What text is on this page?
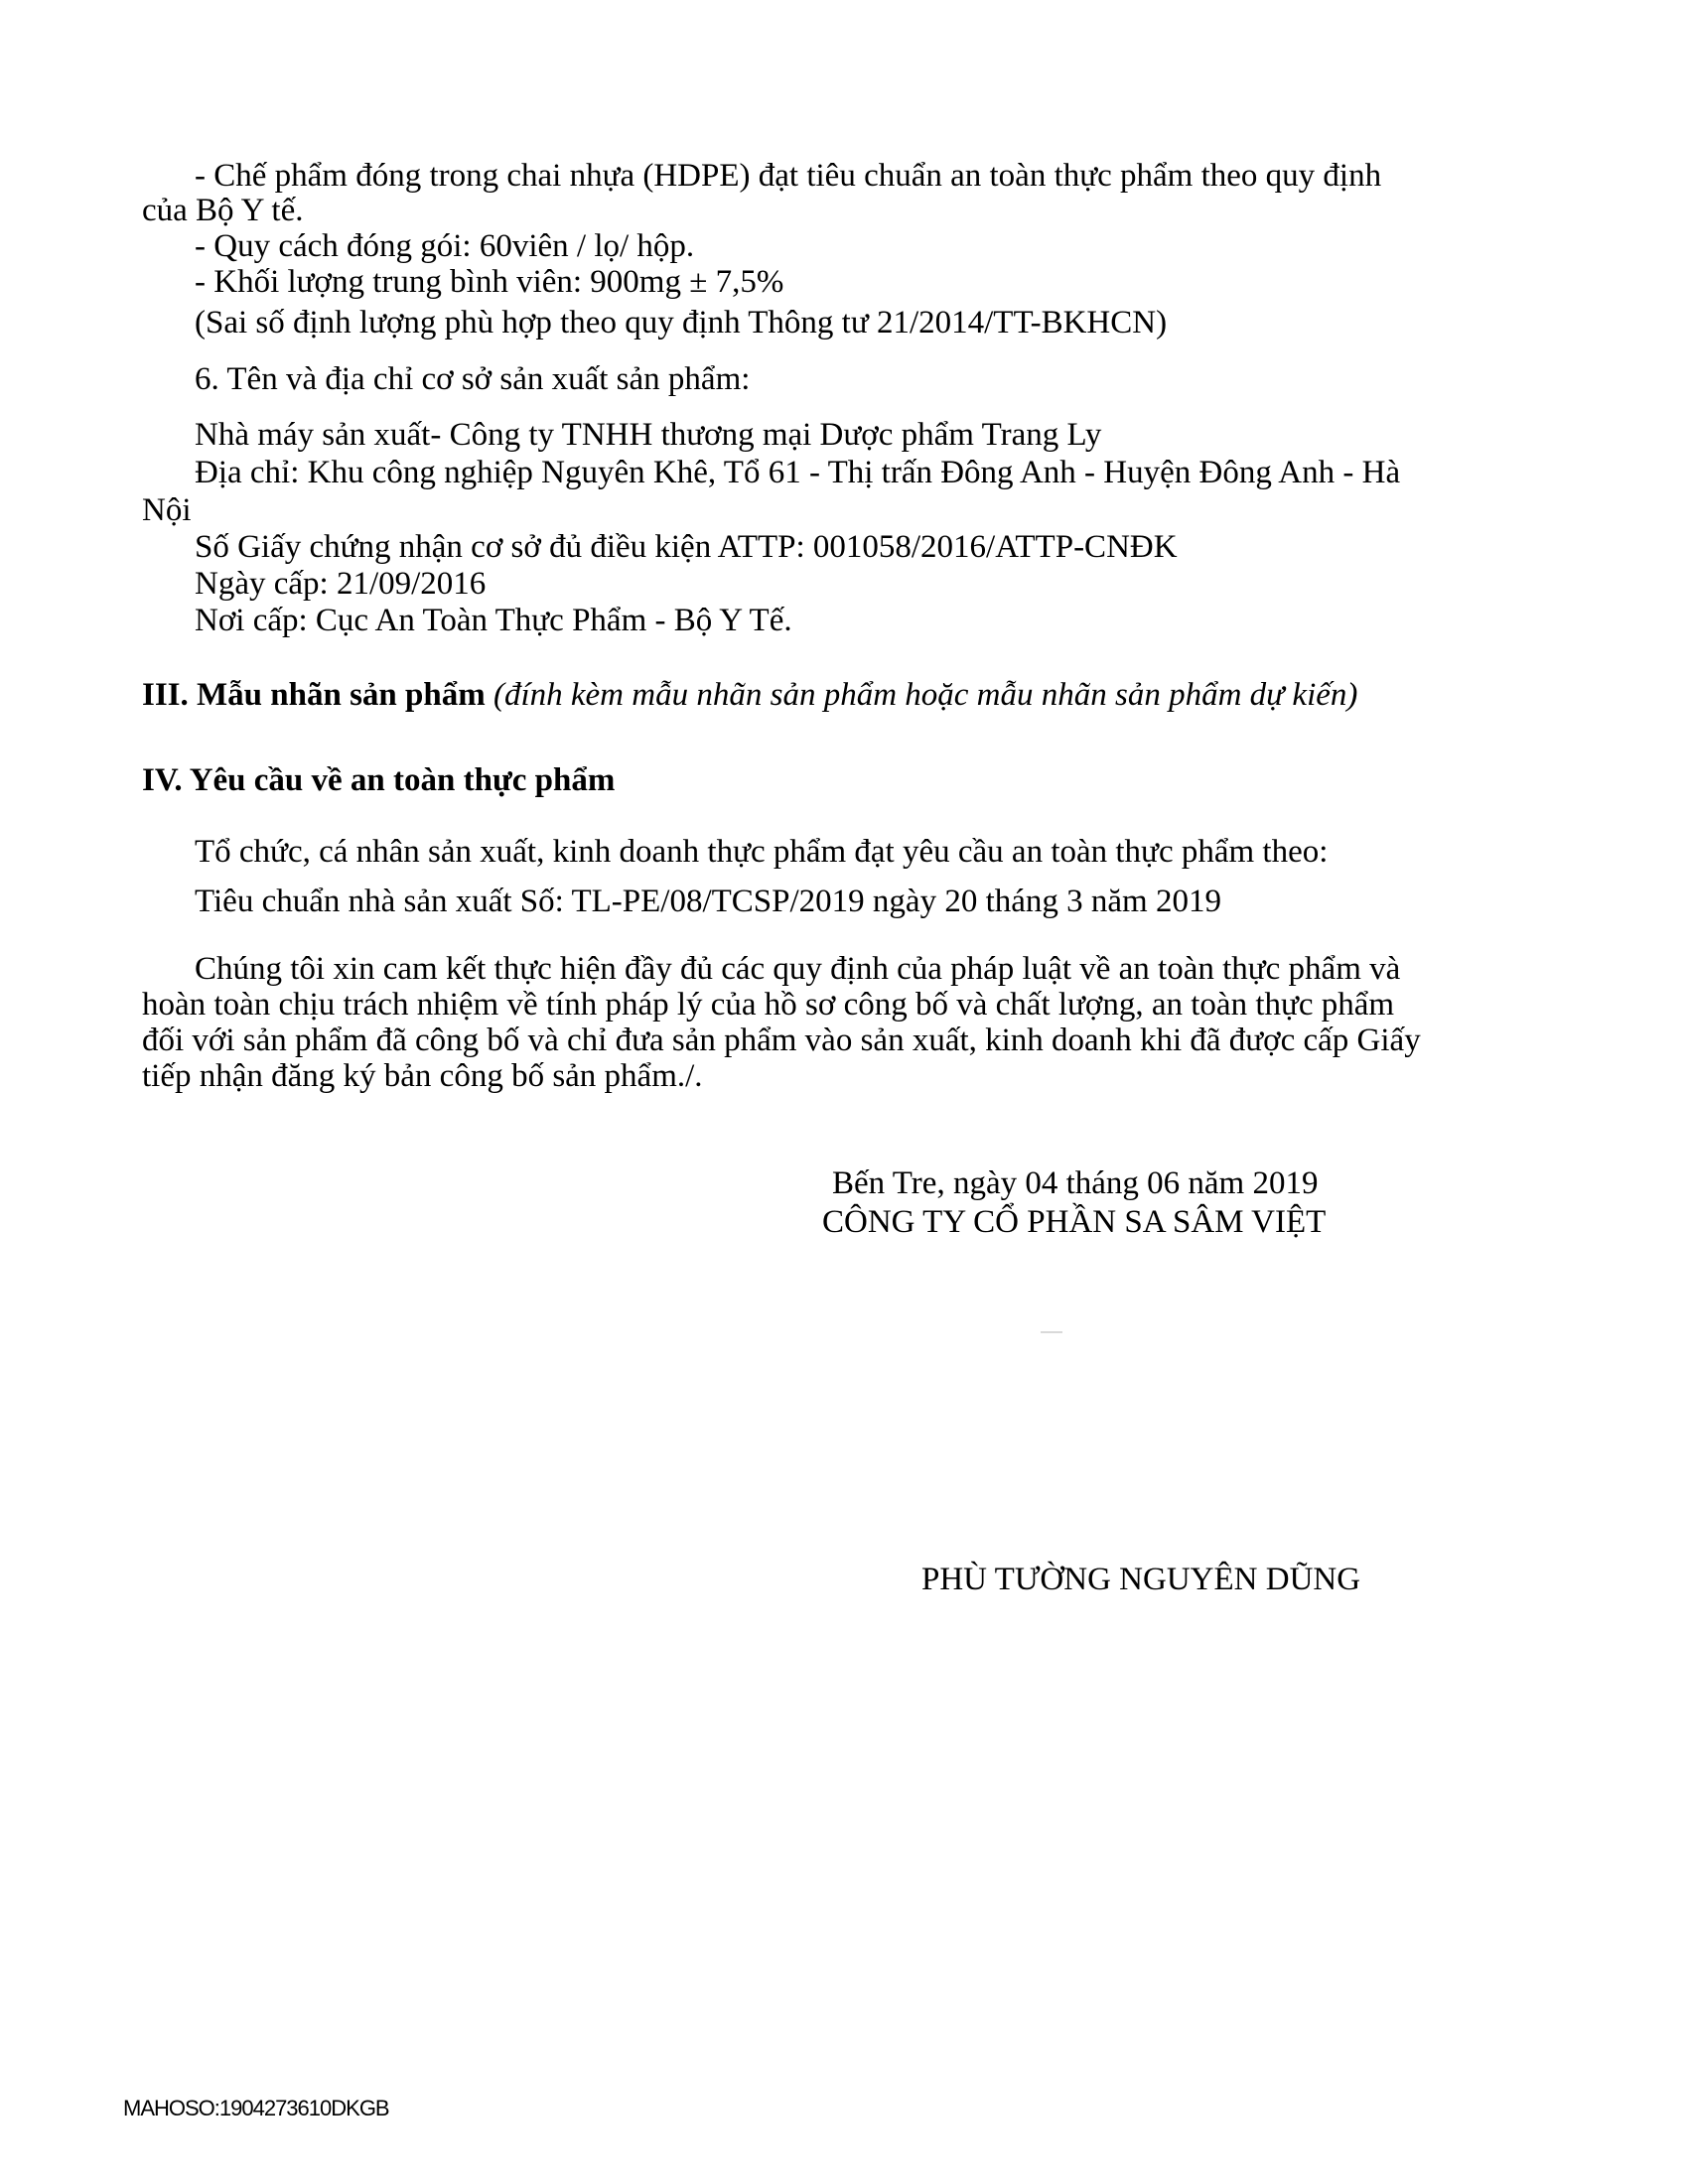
- Chế phẩm đóng trong chai nhựa (HDPE) đạt tiêu chuẩn an toàn thực phẩm theo quy định
của Bộ Y tế.
- Quy cách đóng gói: 60viên / lọ/ hộp.
- Khối lượng trung bình viên: 900mg ± 7,5%
(Sai số định lượng phù hợp theo quy định Thông tư 21/2014/TT-BKHCN)
6. Tên và địa chỉ cơ sở sản xuất sản phẩm:
Nhà máy sản xuất- Công ty TNHH thương mại Dược phẩm Trang Ly
Địa chỉ: Khu công nghiệp Nguyên Khê, Tổ 61 - Thị trấn Đông Anh - Huyện Đông Anh - Hà
Nội
Số Giấy chứng nhận cơ sở đủ điều kiện ATTP: 001058/2016/ATTP-CNĐK
Ngày cấp: 21/09/2016
Nơi cấp: Cục An Toàn Thực Phẩm - Bộ Y Tế.
III. Mẫu nhãn sản phẩm (đính kèm mẫu nhãn sản phẩm hoặc mẫu nhãn sản phẩm dự kiến)
IV. Yêu cầu về an toàn thực phẩm
Tổ chức, cá nhân sản xuất, kinh doanh thực phẩm đạt yêu cầu an toàn thực phẩm theo:
Tiêu chuẩn nhà sản xuất Số: TL-PE/08/TCSP/2019 ngày 20 tháng 3 năm 2019
Chúng tôi xin cam kết thực hiện đầy đủ các quy định của pháp luật về an toàn thực phẩm và
hoàn toàn chịu trách nhiệm về tính pháp lý của hồ sơ công bố và chất lượng, an toàn thực phẩm
đối với sản phẩm đã công bố và chỉ đưa sản phẩm vào sản xuất, kinh doanh khi đã được cấp Giấy
tiếp nhận đăng ký bản công bố sản phẩm./.
Bến Tre, ngày 04 tháng 06 năm 2019
CÔNG TY CỔ PHẦN SA SÂM VIỆT
PHÙ TƯỜNG NGUYÊN DŨNG
MAHOSO:1904273610DKGB
